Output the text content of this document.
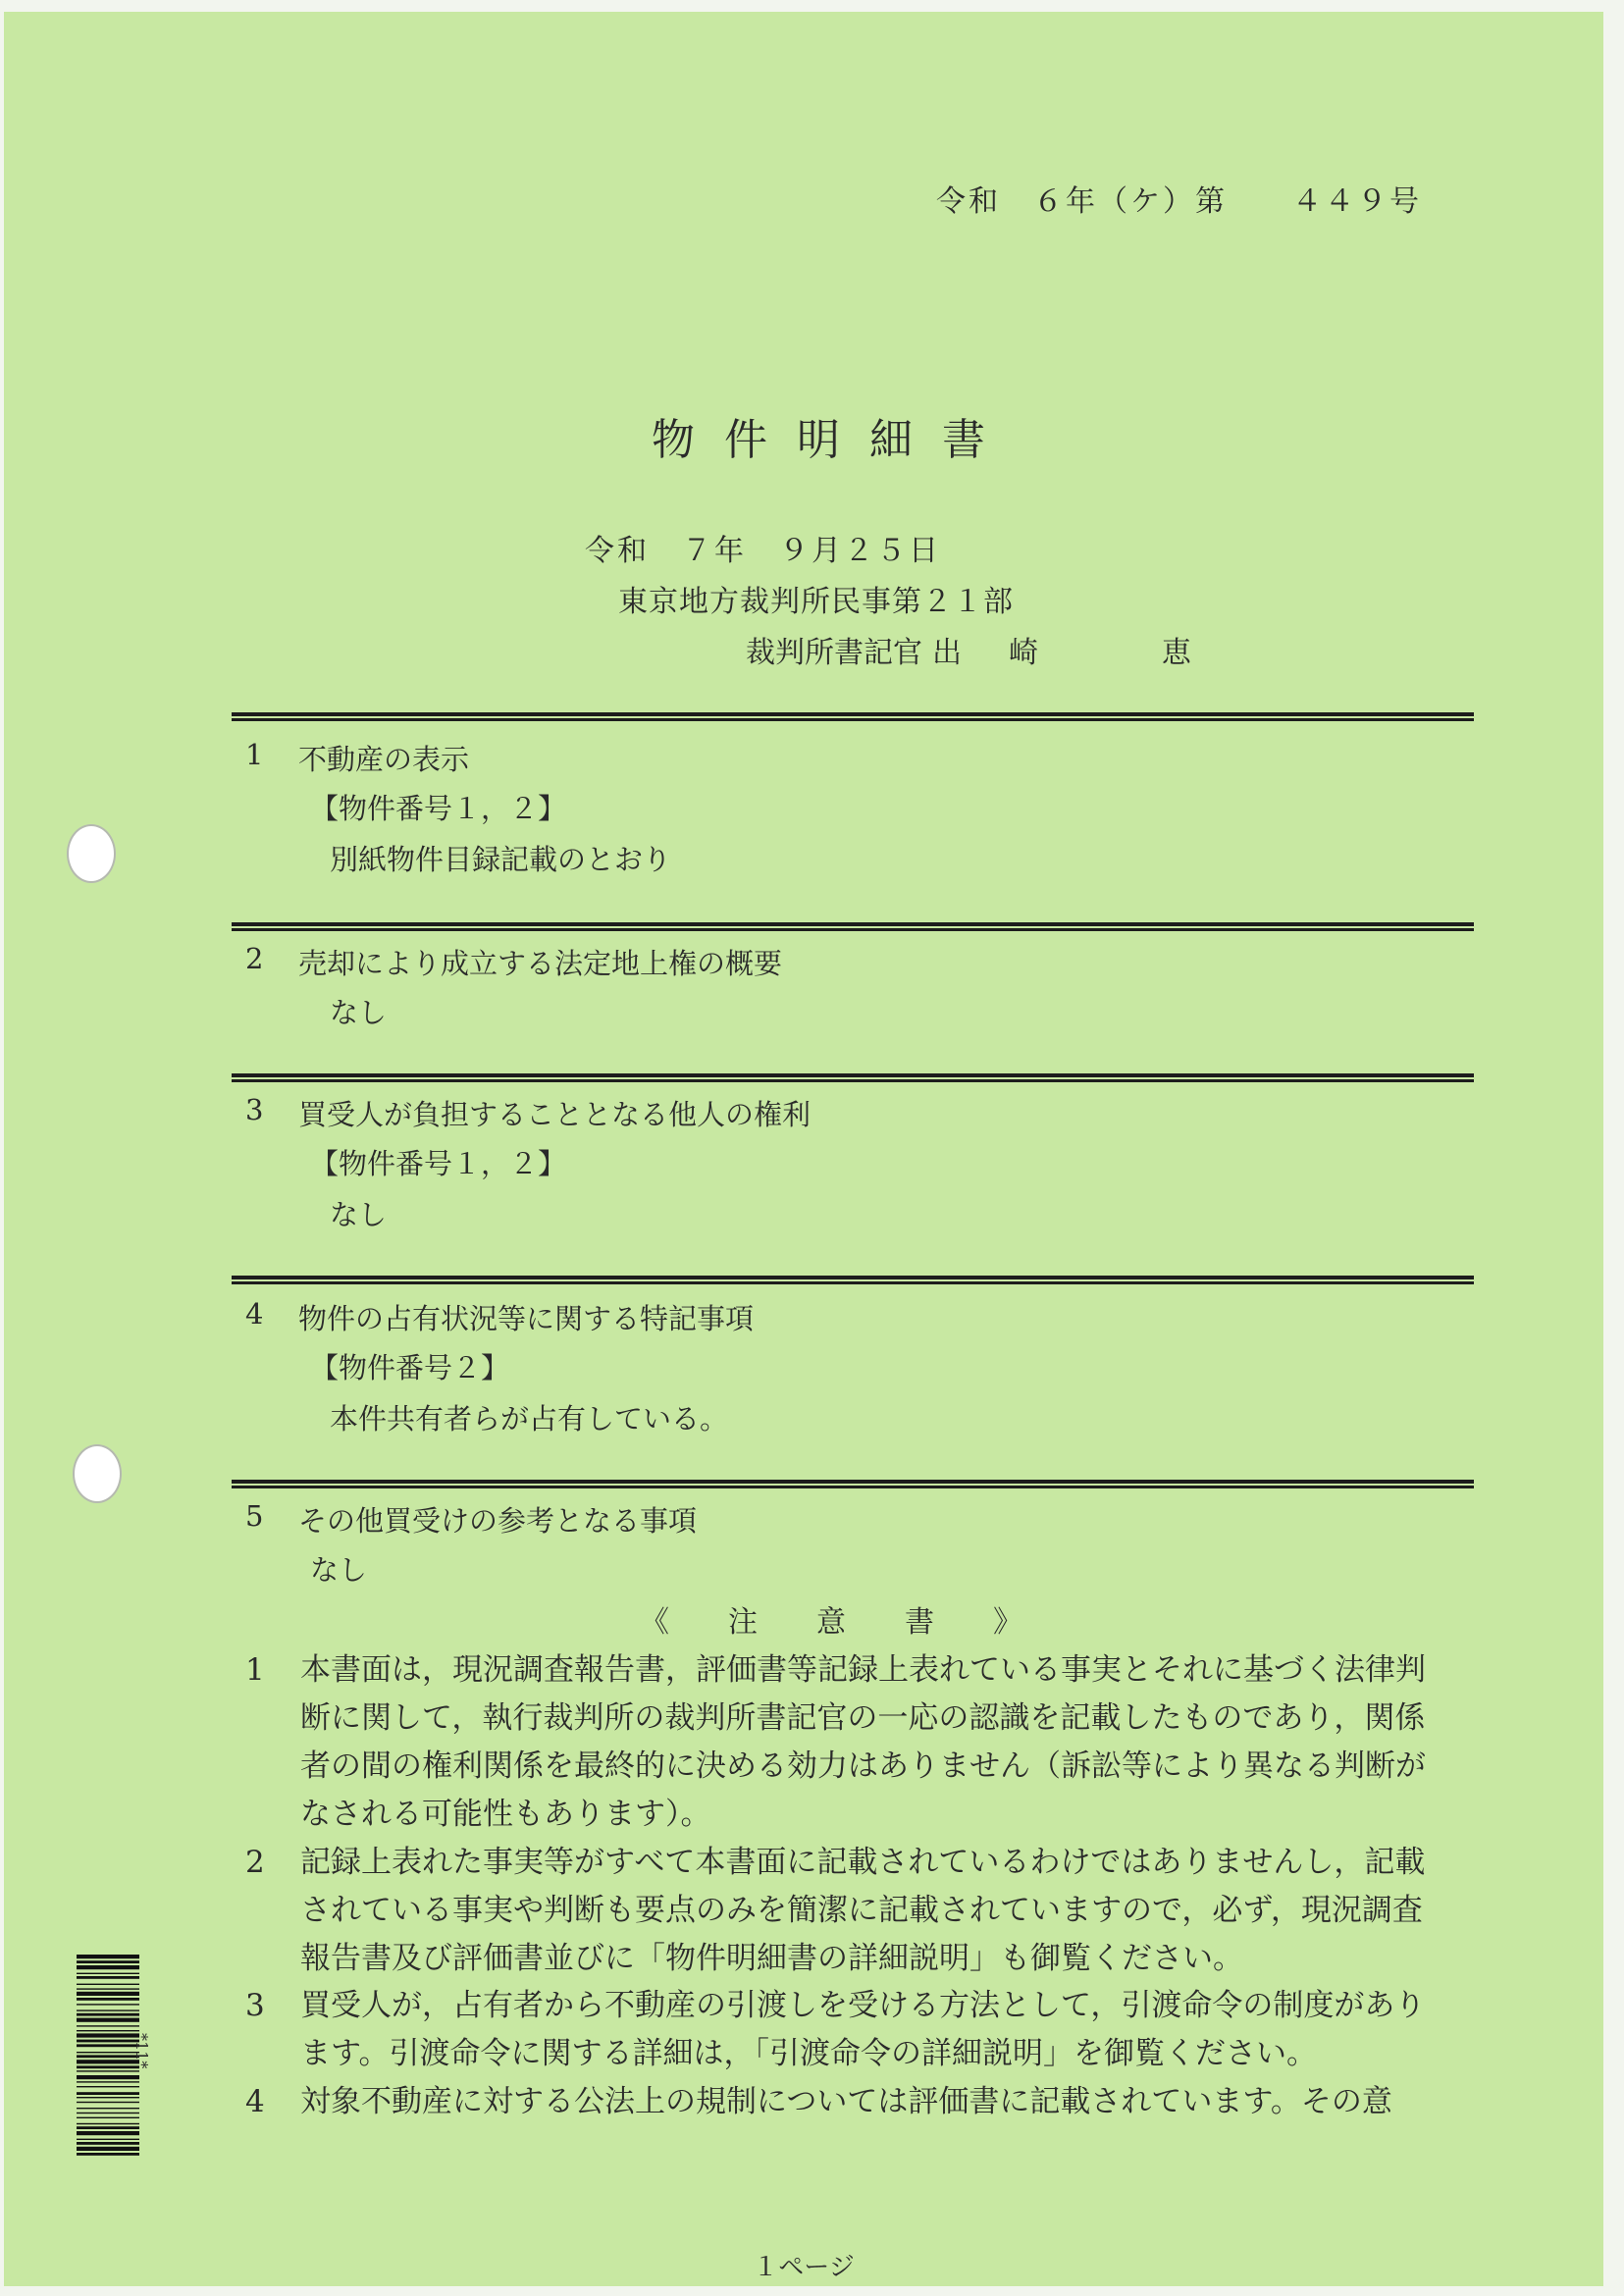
令和　６年（ケ）第　　４４９号
物件明細書
令和　７年　９月２５日
東京地方裁判所民事第２１部
裁判所書記官 出崎	恵
1 不動産の表示
【物件番号１，２】
別紙物件目録記載のとおり
2 売却により成立する法定地上権の概要
なし
3 買受人が負担することとなる他人の権利
【物件番号１，２】
なし
4 物件の占有状況等に関する特記事項
【物件番号２】
本件共有者らが占有している。
5 その他買受けの参考となる事項
なし
《注意書》
1	本書面は，現況調査報告書，評価書等記録上表れている事実とそれに基づく法律判断に関して，執行裁判所の裁判所書記官の一応の認識を記載したものであり，関係者の間の権利関係を最終的に決める効力はありません（訴訟等により異なる判断がなされる可能性もあります）。
2	記録上表れた事実等がすべて本書面に記載されているわけではありませんし，記載されている事実や判断も要点のみを簡潔に記載されていますので，必ず，現況調査報告書及び評価書並びに「物件明細書の詳細説明」も御覧ください。
3	買受人が，占有者から不動産の引渡しを受ける方法として，引渡命令の制度があります。引渡命令に関する詳細は，「引渡命令の詳細説明」を御覧ください。
4	対象不動産に対する公法上の規制については評価書に記載されています。その意
１ページ
*11*
